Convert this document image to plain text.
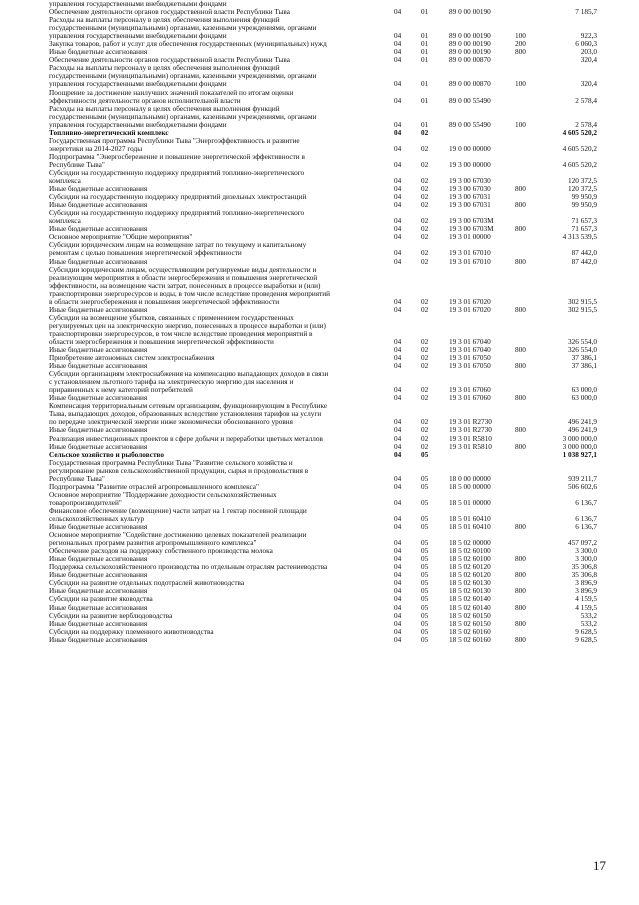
управления государственными внебюджетными фондами
Обеспечение деятельности органов государственной власти Республики Тыва	04	01	89 0 00 00190	7 185,7
Расходы на выплаты персоналу в целях обеспечения выполнения функций
государственными (муниципальными) органами, казенными учреждениями, органами
управления государственными внебюджетными фондами	04	01	89 0 00 00190	100	922,3
Закупка товаров, работ и услуг для обеспечения государственных (муниципальных) нужд	04	01	89 0 00 00190	200	6 060,3
Иные бюджетные ассигнования	04	01	89 0 00 00190	800	203,0
Обеспечение деятельности органов государственной власти Республики Тыва	04	01	89 0 00 00870	320,4
Расходы на выплаты персоналу в целях обеспечения выполнения функций
государственными (муниципальными) органами, казенными учреждениями, органами
управления государственными внебюджетными фондами	04	01	89 0 00 00870	100	320,4
Поощрение за достижение наилучших значений показателей по итогам оценки
эффективности деятельности органов исполнительной власти	04	01	89 0 00 55490	2 578,4
Расходы на выплаты персоналу в целях обеспечения выполнения функций
государственными (муниципальными) органами, казенными учреждениями, органами
управления государственными внебюджетными фондами	04	01	89 0 00 55490	100	2 578,4
Топливно-энергетический комплекс	04	02	4 605 520,2
Государственная программа Республики Тыва "Энергоэффективность и развитие
энергетики на 2014-2027 годы	04	02	19 0 00 00000	4 605 520,2
Подпрограмма "Энергосбережение и повышение энергетической эффективности в
Республике Тыва"	04	02	19 3 00 00000	4 605 520,2
Субсидии на государственную поддержку предприятий топливно-энергетического
комплекса	04	02	19 3 00 67030	120 372,5
Иные бюджетные ассигнования	04	02	19 3 00 67030	800	120 372,5
Субсидии на государственную поддержку предприятий дизельных электростанций	04	02	19 3 00 67031	99 950,9
Иные бюджетные ассигнования	04	02	19 3 00 67031	800	99 950,9
Субсидии на государственную поддержку предприятий топливно-энергетического
комплекса	04	02	19 3 00 6703M	71 657,3
Иные бюджетные ассигнования	04	02	19 3 00 6703M	800	71 657,3
Основное мероприятие "Общие мероприятия"	04	02	19 3 01 00000	4 313 539,5
Субсидии юридическим лицам на возмещение затрат по текущему и капитальному
ремонтам с целью повышения энергетической эффективности	04	02	19 3 01 67010	87 442,0
Иные бюджетные ассигнования	04	02	19 3 01 67010	800	87 442,0
Субсидии юридическим лицам, осуществляющим регулируемые виды деятельности и
реализующим мероприятия в области энергосбережения и повышения энергетической
эффективности, на возмещение части затрат, понесенных в процессе выработки и (или)
транспортировки энергоресурсов и воды, в том числе вследствие проведения мероприятий
в области энергосбережения и повышения энергетической эффективности	04	02	19 3 01 67020	302 915,5
Иные бюджетные ассигнования	04	02	19 3 01 67020	800	302 915,5
Субсидии на возмещение убытков, связанных с применением государственных
регулируемых цен на электрическую энергию, понесенных в процессе выработки и (или)
транспортировки энергоресурсов, в том числе вследствие проведения мероприятий в
области энергосбережения и повышения энергетической эффективности	04	02	19 3 01 67040	326 554,0
Иные бюджетные ассигнования	04	02	19 3 01 67040	800	326 554,0
Приобретение автономных систем электроснабжения	04	02	19 3 01 67050	37 386,1
Иные бюджетные ассигнования	04	02	19 3 01 67050	800	37 386,1
Субсидии организациям электроснабжения на компенсацию выпадающих доходов в связи
с установлением льготного тарифа на электрическую энергию для населения и
приравненных к нему категорий потребителей	04	02	19 3 01 67060	63 000,0
Иные бюджетные ассигнования	04	02	19 3 01 67060	800	63 000,0
Компенсация территориальным сетевым организациям, функционирующим в Республике
Тыва, выпадающих доходов, образованных вследствие установления тарифов на услуги
по передаче электрической энергии ниже экономически обоснованного уровня	04	02	19 3 01 R2730	496 241,9
Иные бюджетные ассигнования	04	02	19 3 01 R2730	800	496 241,9
Реализация инвестиционных проектов в сфере добычи и переработки цветных металлов	04	02	19 3 01 R5810	3 000 000,0
Иные бюджетные ассигнования	04	02	19 3 01 R5810	800	3 000 000,0
Сельское хозяйство и рыболовство	04	05	1 038 927,1
Государственная программа Республики Тыва "Развитие сельского хозяйства и
регулирование рынков сельскохозяйственной продукции, сырья и продовольствия в
Республике Тыва"	04	05	18 0 00 00000	939 211,7
Подпрограмма "Развитие отраслей агропромышленного комплекса"	04	05	18 5 00 00000	506 602,6
Основное мероприятие "Поддержание доходности сельскохозяйственных
товаропроизводителей"	04	05	18 5 01 00000	6 136,7
Финансовое обеспечение (возмещение) части затрат на 1 гектар посевной площади
сельскохозяйственных культур	04	05	18 5 01 60410	6 136,7
Иные бюджетные ассигнования	04	05	18 5 01 60410	800	6 136,7
Основное мероприятие "Содействие достижению целевых показателей реализации
региональных программ развития агропромышленного комплекса"	04	05	18 5 02 00000	457 097,2
Обеспечение расходов на поддержку собственного производства молока	04	05	18 5 02 60100	3 300,0
Иные бюджетные ассигнования	04	05	18 5 02 60100	800	3 300,0
Поддержка сельскохозяйственного производства по отдельным отраслям растениеводства	04	05	18 5 02 60120	35 306,8
Иные бюджетные ассигнования	04	05	18 5 02 60120	800	35 306,8
Субсидии на развитие отдельных подотраслей животноводства	04	05	18 5 02 60130	3 896,9
Иные бюджетные ассигнования	04	05	18 5 02 60130	800	3 896,9
Субсидии на развитие яководства	04	05	18 5 02 60140	4 159,5
Иные бюджетные ассигнования	04	05	18 5 02 60140	800	4 159,5
Субсидии на развитие верблюдоводства	04	05	18 5 02 60150	533,2
Иные бюджетные ассигнования	04	05	18 5 02 60150	800	533,2
Субсидии на поддержку племенного животноводства	04	05	18 5 02 60160	9 628,5
Иные бюджетные ассигнования	04	05	18 5 02 60160	800	9 628,5
17
